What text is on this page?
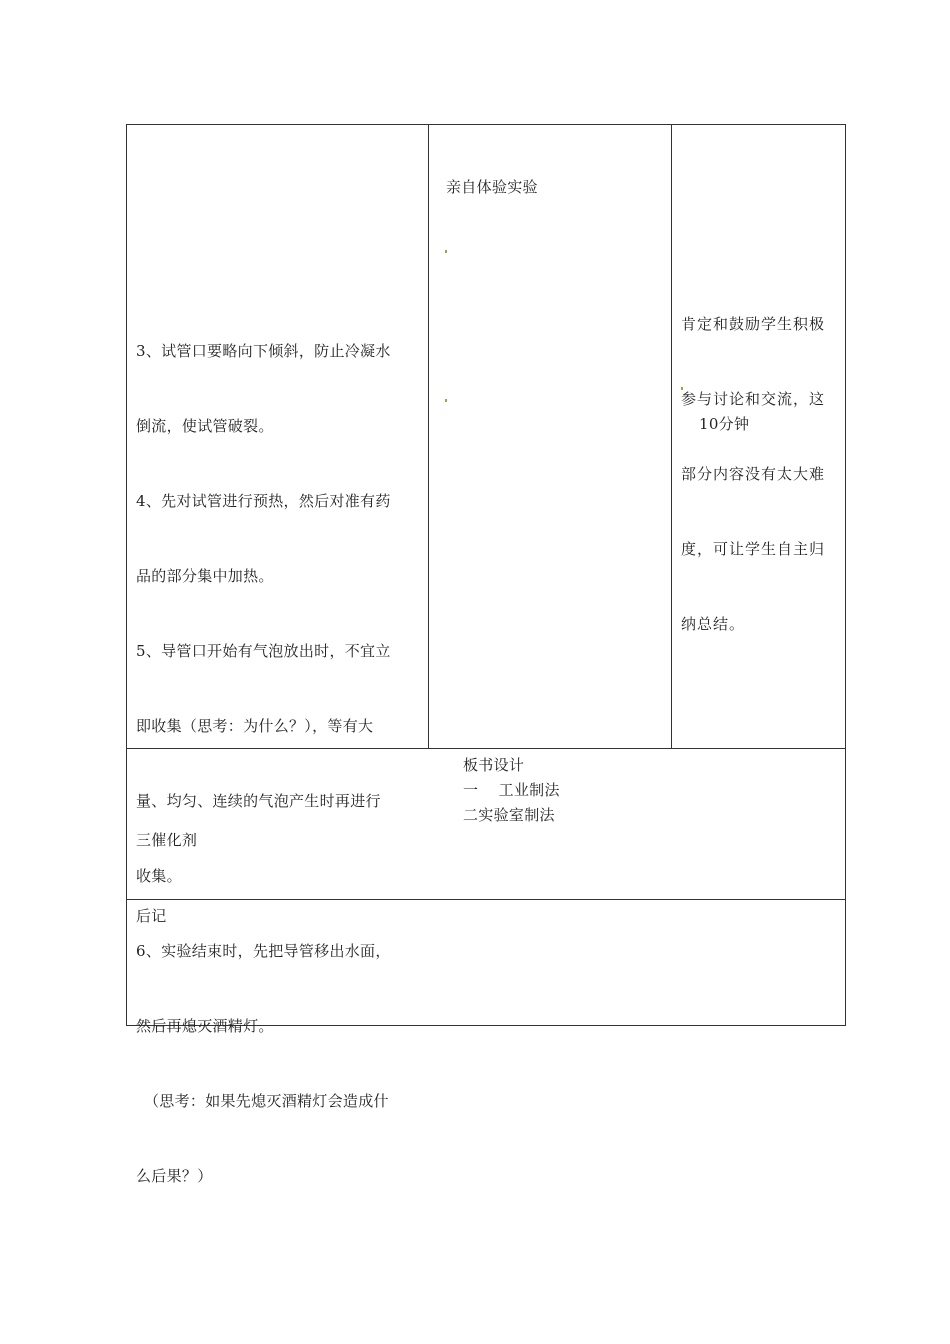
3、试管口要略向下倾斜，防止冷凝水

倒流，使试管破裂。

4、先对试管进行预热，然后对准有药

品的部分集中加热。

5、导管口开始有气泡放出时，不宜立

即收集（思考：为什么？），等有大

量、均匀、连续的气泡产生时再进行

收集。

6、实验结束时，先把导管移出水面，

然后再熄灭酒精灯。

（思考：如果先熄灭酒精灯会造成什

么后果？）

亲自体验实验

肯定和鼓励学生积极

参与讨论和交流，这

部分内容没有太大难

度，可让学生自主归

纳总结。

10分钟
板书设计
一    工业制法
二实验室制法
三催化剂
后记
